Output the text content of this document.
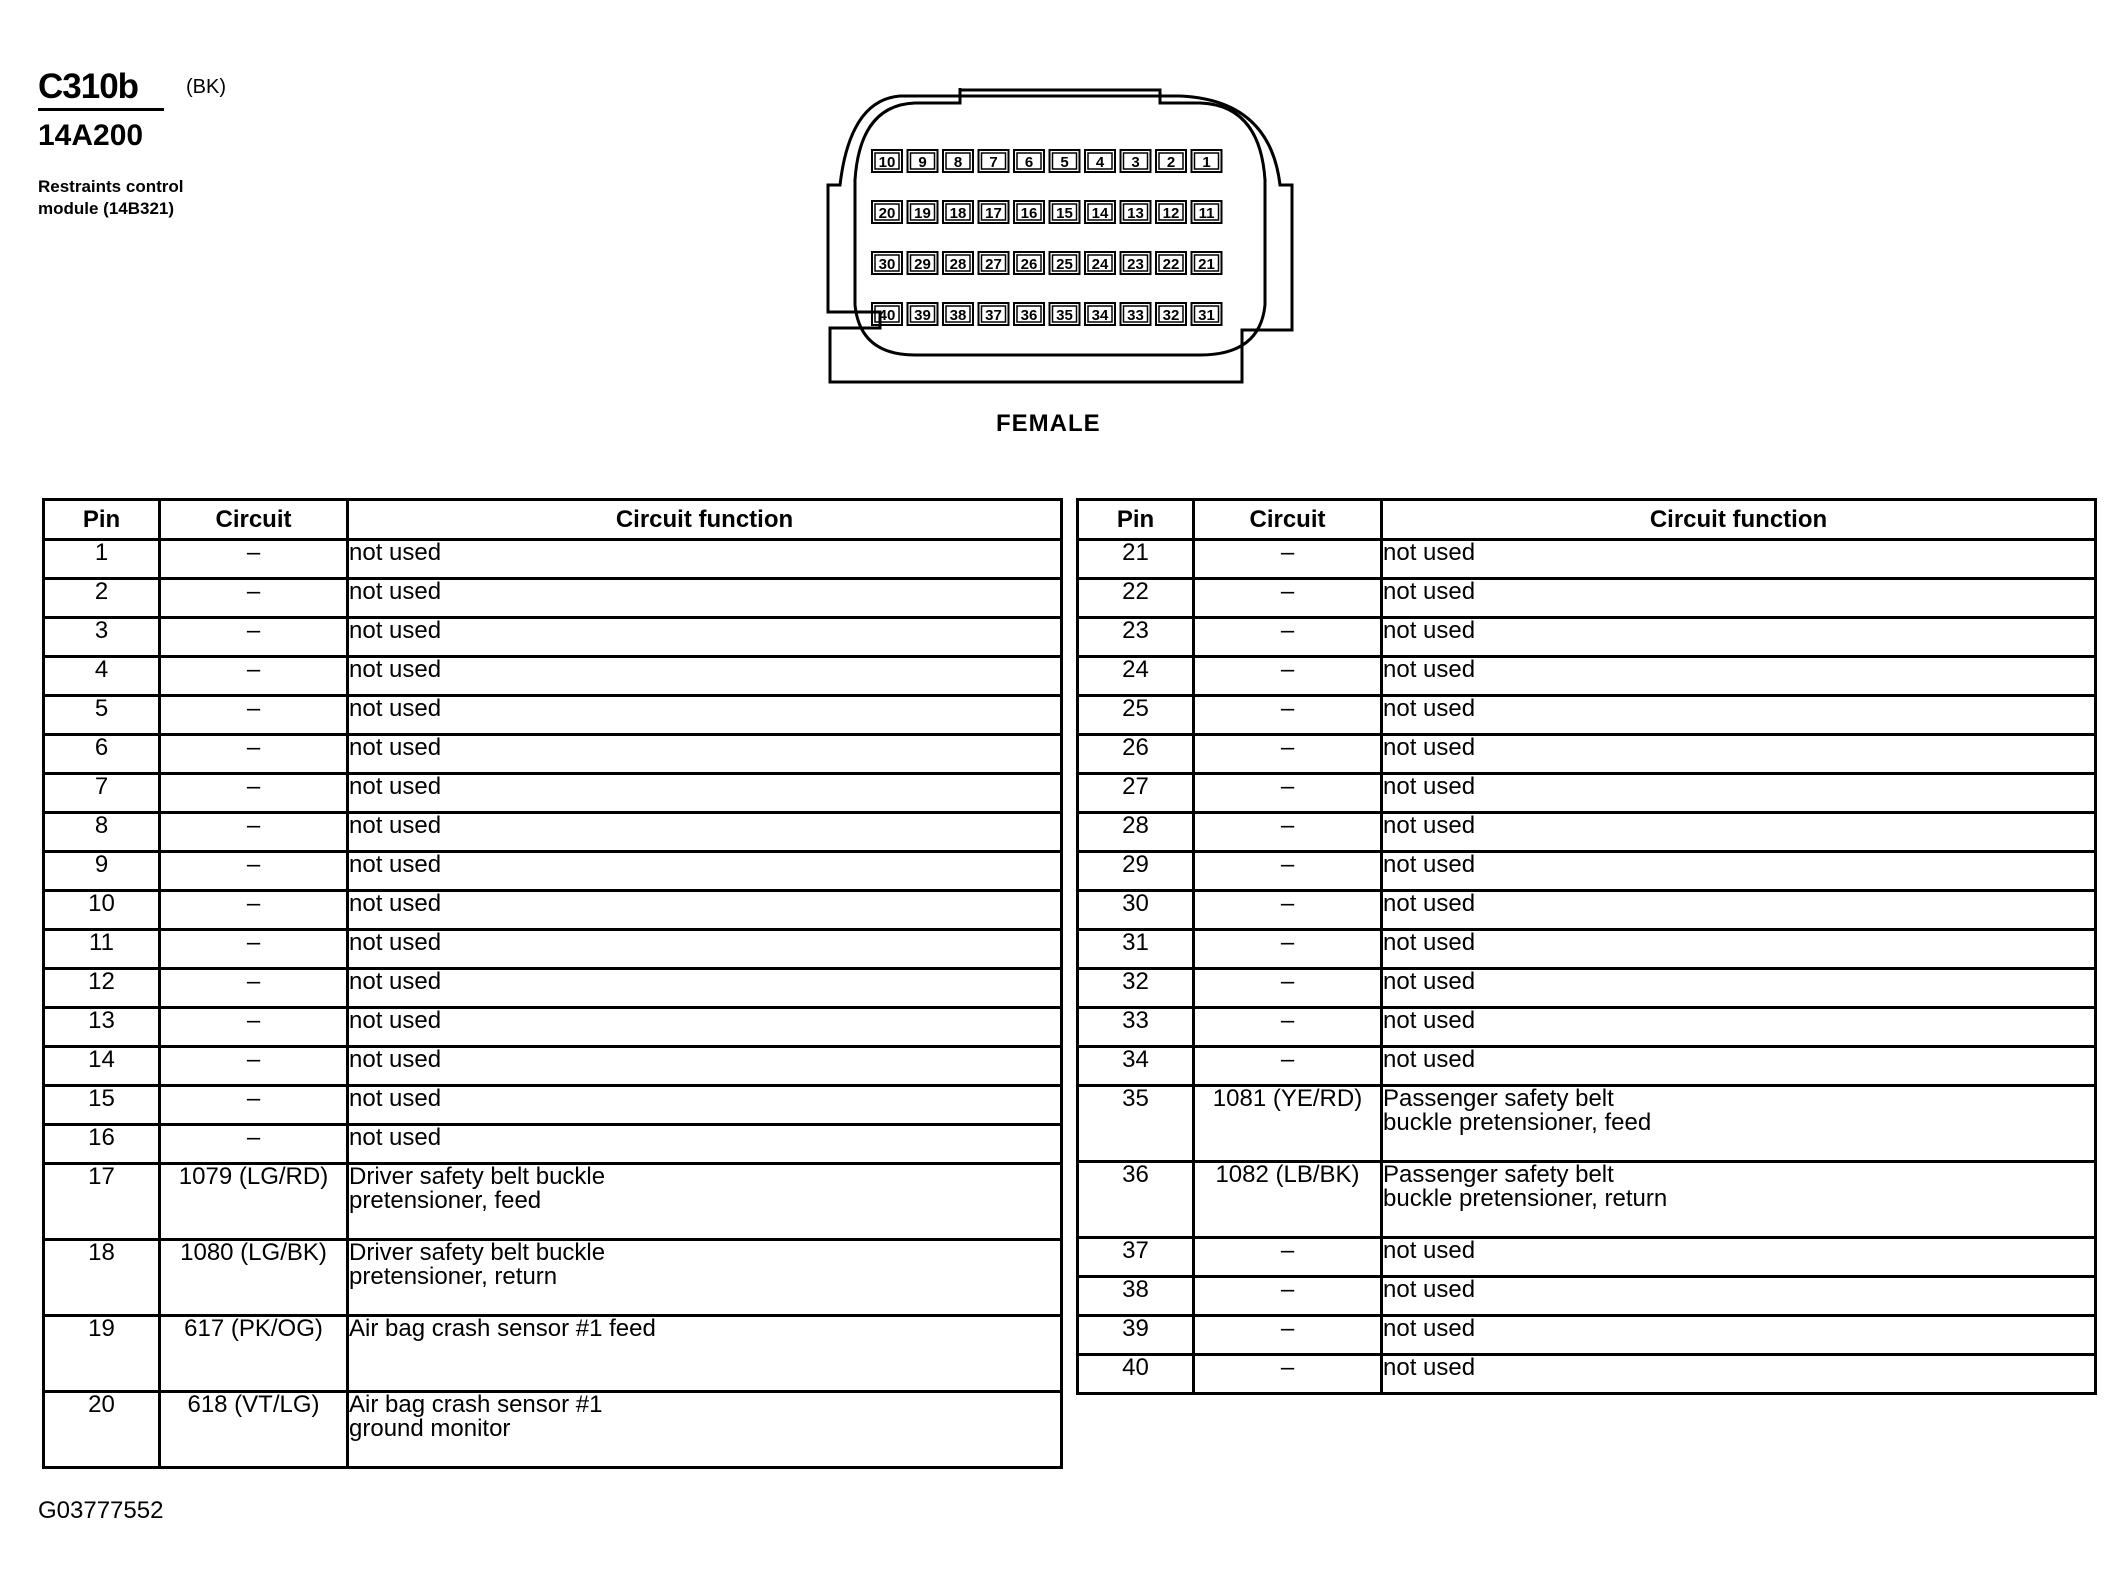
C310b	(BK)
14A200
Restraints control
module (14B321)
10 9 8 7 6 5 4 3 2 1
20 19 18 17 16 15 14 13 12 11
30 29 28 27 26 25 24 23 22 21
40 39 38 37 36 35 34 33 32 31
FEMALE
Pin	Circuit	Circuit function
1	–	not used

2	–	not used

3	–	not used

4	–	not used

5	–	not used

6	–	not used

7	–	not used

8	–	not used

9	–	not used

10	–	not used

11	–	not used

12	–	not used

13	–	not used

14	–	not used

15	–	not used

16	–	not used

17	1079 (LG/RD)	Driver safety belt buckle
pretensioner, feed

18	1080 (LG/BK)	Driver safety belt buckle
pretensioner, return

19	617 (PK/OG)	Air bag crash sensor #1 feed

20	618 (VT/LG)	Air bag crash sensor #1
ground monitor
Pin	Circuit	Circuit function
21	–	not used

22	–	not used

23	–	not used

24	–	not used

25	–	not used

26	–	not used

27	–	not used

28	–	not used

29	–	not used

30	–	not used

31	–	not used

32	–	not used

33	–	not used

34	–	not used

35	1081 (YE/RD)	Passenger safety belt
buckle pretensioner, feed

36	1082 (LB/BK)	Passenger safety belt
buckle pretensioner, return

37	–	not used

38	–	not used

39	–	not used

40	–	not used
G03777552
